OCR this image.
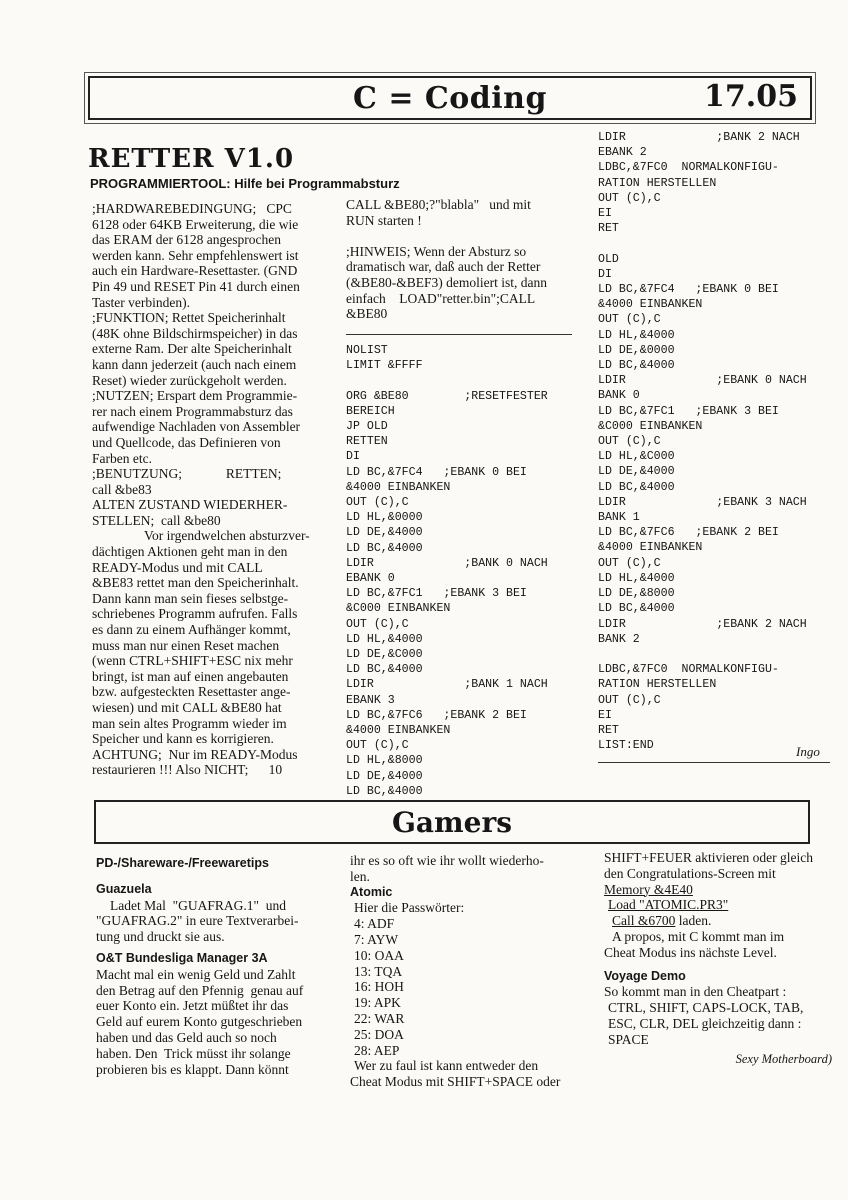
C = Coding	17.05
RETTER V1.0
PROGRAMMIERTOOL: Hilfe bei Programmabsturz
;HARDWAREBEDINGUNG;   CPC
6128 oder 64KB Erweiterung, die wie
das ERAM der 6128 angesprochen
werden kann. Sehr empfehlenswert ist
auch ein Hardware-Resettaster. (GND
Pin 49 und RESET Pin 41 durch einen
Taster verbinden).
;FUNKTION; Rettet Speicherinhalt
(48K ohne Bildschirmspeicher) in das
externe Ram. Der alte Speicherinhalt
kann dann jederzeit (auch nach einem
Reset) wieder zurückgeholt werden.
;NUTZEN; Erspart dem Programmie-
rer nach einem Programmabsturz das
aufwendige Nachladen von Assembler
und Quellcode, das Definieren von
Farben etc.
;BENUTZUNG;             RETTEN;
call &be83
ALTEN ZUSTAND WIEDERHER-
STELLEN;  call &be80
Vor irgendwelchen absturzver-
dächtigen Aktionen geht man in den
READY-Modus und mit CALL
&BE83 rettet man den Speicherinhalt.
Dann kann man sein fieses selbstge-
schriebenes Programm aufrufen. Falls
es dann zu einem Aufhänger kommt,
muss man nur einen Reset machen
(wenn CTRL+SHIFT+ESC nix mehr
bringt, ist man auf einen angebauten
bzw. aufgesteckten Resettaster ange-
wiesen) und mit CALL &BE80 hat
man sein altes Programm wieder im
Speicher und kann es korrigieren.
ACHTUNG;  Nur im READY-Modus
restaurieren !!! Also NICHT;      10
CALL &BE80;?"blabla"   und mit
RUN starten !

;HINWEIS; Wenn der Absturz so
dramatisch war, daß auch der Retter
(&BE80-&BEF3) demoliert ist, dann
einfach    LOAD"retter.bin";CALL
&BE80
NOLIST
LIMIT &FFFF

ORG &BE80        ;RESETFESTER
BEREICH
JP OLD
RETTEN
DI
LD BC,&7FC4   ;EBANK 0 BEI
&4000 EINBANKEN
OUT (C),C
LD HL,&0000
LD DE,&4000
LD BC,&4000
LDIR             ;BANK 0 NACH
EBANK 0
LD BC,&7FC1   ;EBANK 3 BEI
&C000 EINBANKEN
OUT (C),C
LD HL,&4000
LD DE,&C000
LD BC,&4000
LDIR             ;BANK 1 NACH
EBANK 3
LD BC,&7FC6   ;EBANK 2 BEI
&4000 EINBANKEN
OUT (C),C
LD HL,&8000
LD DE,&4000
LD BC,&4000
LDIR             ;BANK 2 NACH
EBANK 2
LDBC,&7FC0  NORMALKONFIGU-
RATION HERSTELLEN
OUT (C),C
EI
RET

OLD
DI
LD BC,&7FC4   ;EBANK 0 BEI
&4000 EINBANKEN
OUT (C),C
LD HL,&4000
LD DE,&0000
LD BC,&4000
LDIR             ;EBANK 0 NACH
BANK 0
LD BC,&7FC1   ;EBANK 3 BEI
&C000 EINBANKEN
OUT (C),C
LD HL,&C000
LD DE,&4000
LD BC,&4000
LDIR             ;EBANK 3 NACH
BANK 1
LD BC,&7FC6   ;EBANK 2 BEI
&4000 EINBANKEN
OUT (C),C
LD HL,&4000
LD DE,&8000
LD BC,&4000
LDIR             ;EBANK 2 NACH
BANK 2

LDBC,&7FC0  NORMALKONFIGU-
RATION HERSTELLEN
OUT (C),C
EI
RET
LIST:END	Ingo
Gamers
PD-/Shareware-/Freewaretips
Guazuela
Ladet Mal  "GUAFRAG.1"  und
"GUAFRAG.2" in eure Textverarbei-
tung und druckt sie aus.
O&T Bundesliga Manager 3A
Macht mal ein wenig Geld und Zahlt
den Betrag auf den Pfennig  genau auf
euer Konto ein. Jetzt müßtet ihr das
Geld auf eurem Konto gutgeschrieben
haben und das Geld auch so noch
haben. Den  Trick müsst ihr solange
probieren bis es klappt. Dann könnt
ihr es so oft wie ihr wollt wiederho-
len.
Atomic
Hier die Passwörter:
4: ADF
7: AYW
10: OAA
13: TQA
16: HOH
19: APK
22: WAR
25: DOA
28: AEP
Wer zu faul ist kann entweder den
Cheat Modus mit SHIFT+SPACE oder
SHIFT+FEUER aktivieren oder gleich
den Congratulations-Screen mit
Memory &4E40
Load "ATOMIC.PR3"
Call &6700 laden.
A propos, mit C kommt man im
Cheat Modus ins nächste Level.
Voyage Demo
So kommt man in den Cheatpart :
CTRL, SHIFT, CAPS-LOCK, TAB,
ESC, CLR, DEL gleichzeitig dann :
SPACE
Sexy Motherboard)
